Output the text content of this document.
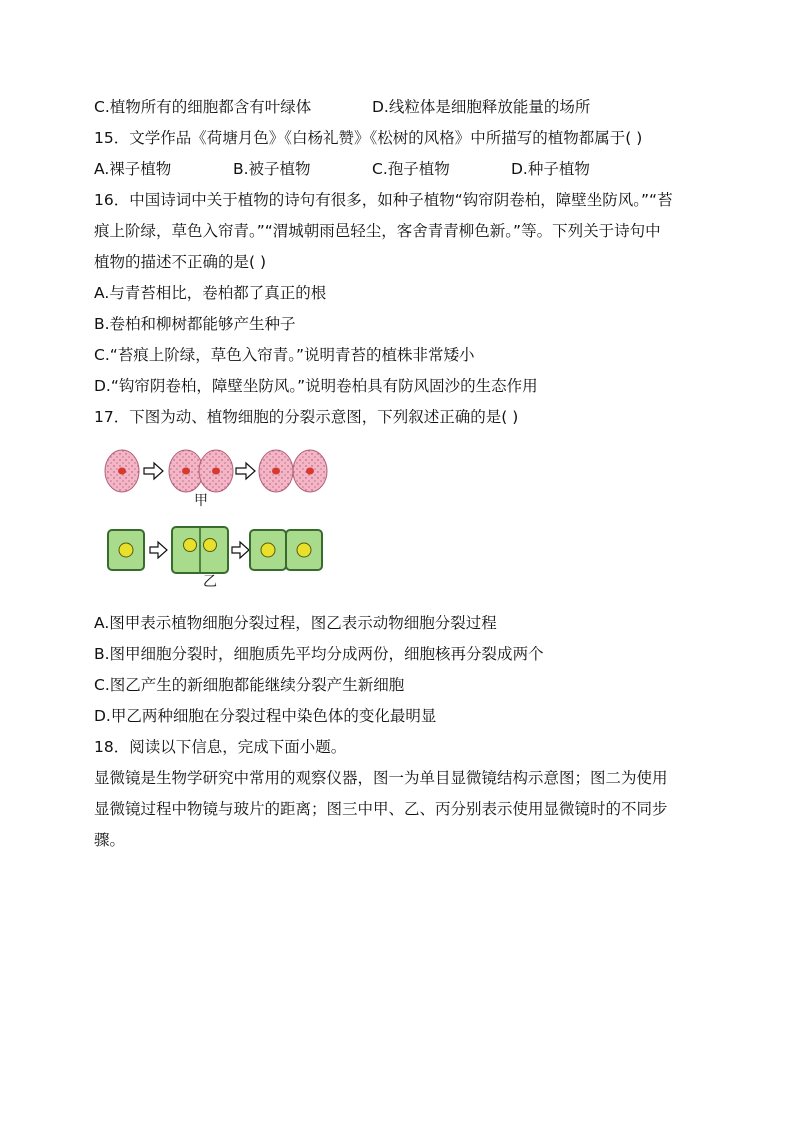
C.植物所有的细胞都含有叶绿体	D.线粒体是细胞释放能量的场所
15．文学作品《荷塘月色》《白杨礼赞》《松树的风格》中所描写的植物都属于( )
A.裸子植物	B.被子植物	C.孢子植物	D.种子植物
16．中国诗词中关于植物的诗句有很多，如种子植物“钩帘阴卷柏，障壁坐防风。”“苔
痕上阶绿，草色入帘青。”“渭城朝雨邑轻尘，客舍青青柳色新。”等。下列关于诗句中
植物的描述不正确的是( )
A.与青苔相比，卷柏都了真正的根
B.卷柏和柳树都能够产生种子
C.“苔痕上阶绿，草色入帘青。”说明青苔的植株非常矮小
D.“钩帘阴卷柏，障壁坐防风。”说明卷柏具有防风固沙的生态作用
17．下图为动、植物细胞的分裂示意图，下列叙述正确的是( )
甲
乙
A.图甲表示植物细胞分裂过程，图乙表示动物细胞分裂过程
B.图甲细胞分裂时，细胞质先平均分成两份，细胞核再分裂成两个
C.图乙产生的新细胞都能继续分裂产生新细胞
D.甲乙两种细胞在分裂过程中染色体的变化最明显
18．阅读以下信息，完成下面小题。
显微镜是生物学研究中常用的观察仪器，图一为单目显微镜结构示意图；图二为使用
显微镜过程中物镜与玻片的距离；图三中甲、乙、丙分别表示使用显微镜时的不同步
骤。
